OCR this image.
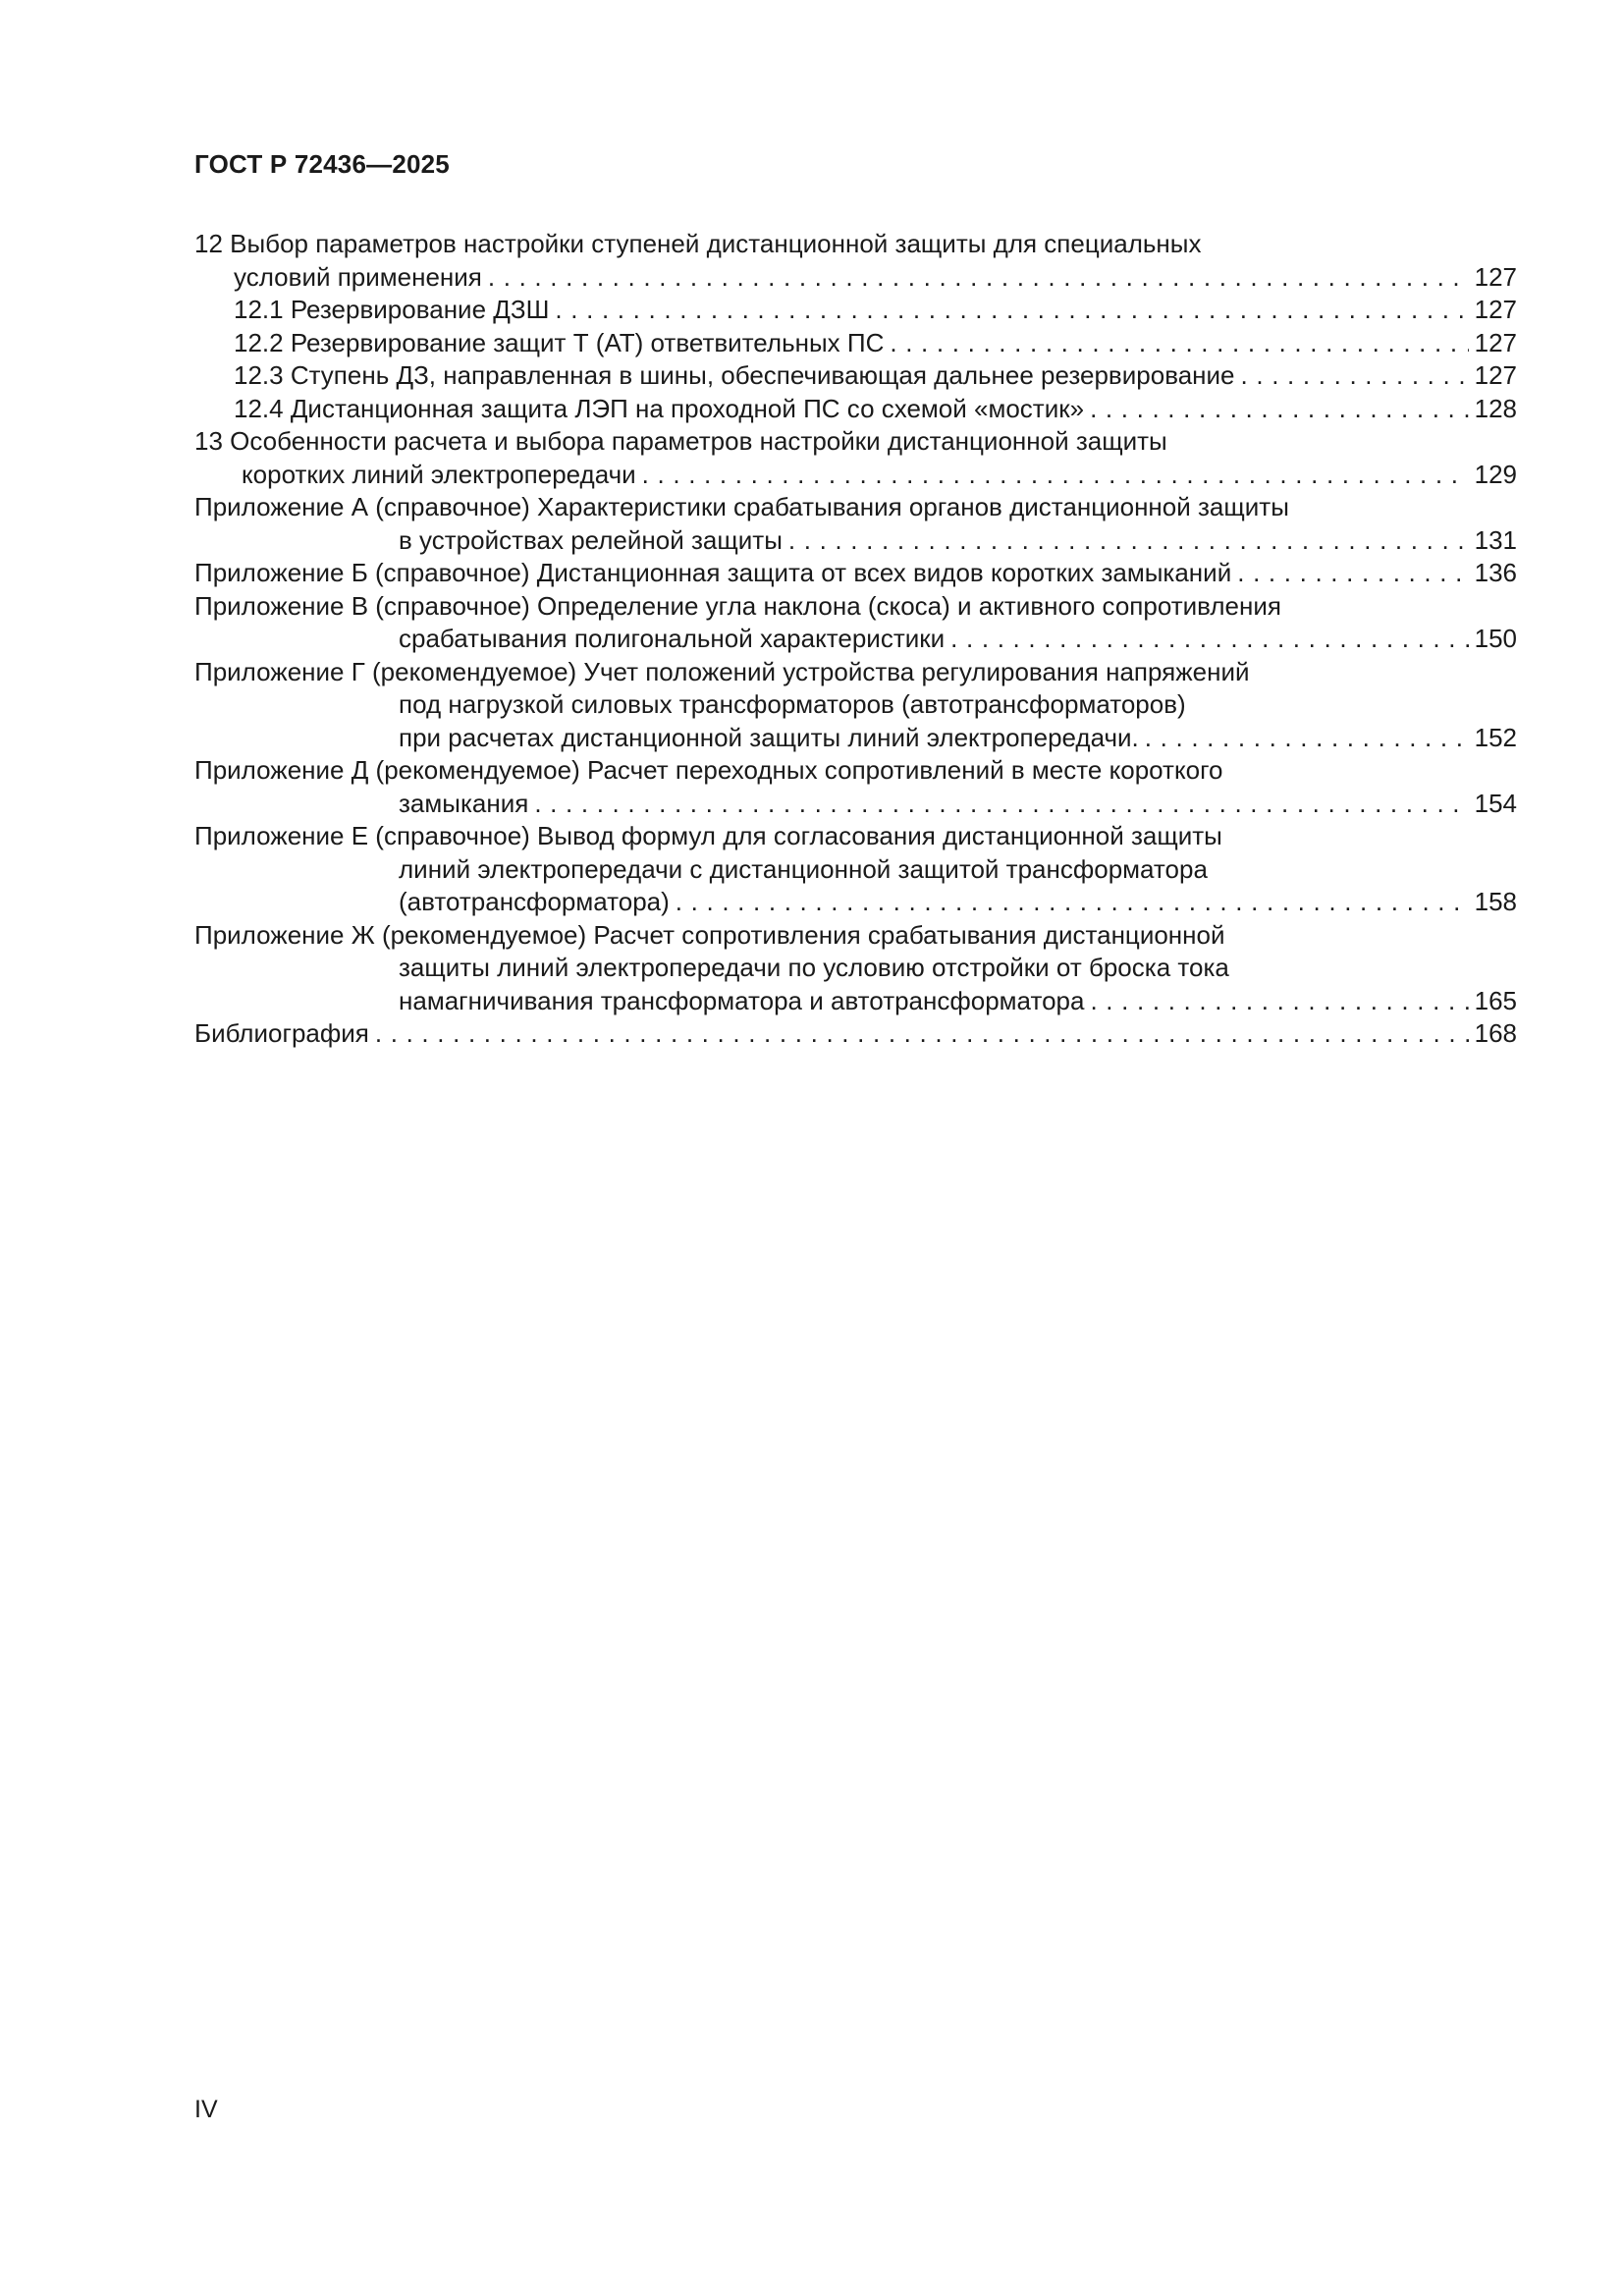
ГОСТ Р 72436—2025
12 Выбор параметров настройки ступеней дистанционной защиты для специальных
условий применения . . .	127
12.1 Резервирование ДЗШ . . .	127
12.2 Резервирование защит Т (АТ) ответвительных ПС . . .	127
12.3 Ступень ДЗ, направленная в шины, обеспечивающая дальнее резервирование . . .	127
12.4 Дистанционная защита ЛЭП на проходной ПС со схемой «мостик» . . .	128
13 Особенности расчета и выбора параметров настройки дистанционной защиты
коротких линий электропередачи . . .	129
Приложение А (справочное) Характеристики срабатывания органов дистанционной защиты
в устройствах релейной защиты . . .	131
Приложение Б (справочное) Дистанционная защита от всех видов коротких замыканий . . .	136
Приложение В (справочное) Определение угла наклона (скоса) и активного сопротивления
срабатывания полигональной характеристики . . .	150
Приложение Г (рекомендуемое) Учет положений устройства регулирования напряжений
под нагрузкой силовых трансформаторов (автотрансформаторов)
при расчетах дистанционной защиты линий электропередачи. . . .	152
Приложение Д (рекомендуемое) Расчет переходных сопротивлений в месте короткого
замыкания . . .	154
Приложение Е (справочное) Вывод формул для согласования дистанционной защиты
линий электропередачи с дистанционной защитой трансформатора
(автотрансформатора) . . .	158
Приложение Ж (рекомендуемое) Расчет сопротивления срабатывания дистанционной
защиты линий электропередачи по условию отстройки от броска тока
намагничивания трансформатора и автотрансформатора . . .	165
Библиография . . .	168
IV
